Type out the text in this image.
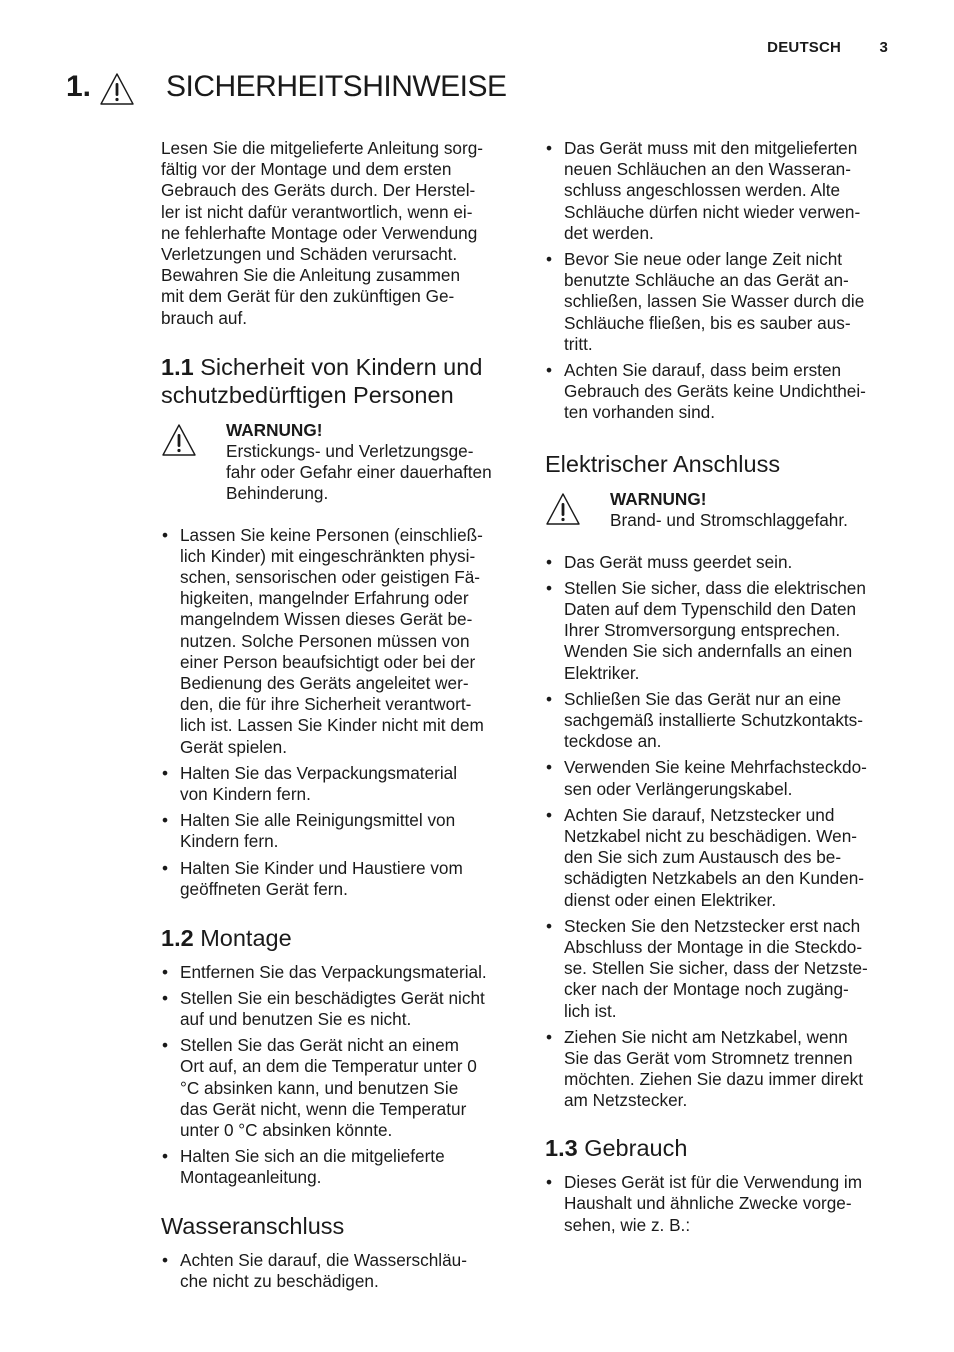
DEUTSCH	3
1. SICHERHEITSHINWEISE
Lesen Sie die mitgelieferte Anleitung sorg-
fältig vor der Montage und dem ersten
Gebrauch des Geräts durch. Der Herstel-
ler ist nicht dafür verantwortlich, wenn ei-
ne fehlerhafte Montage oder Verwendung
Verletzungen und Schäden verursacht.
Bewahren Sie die Anleitung zusammen
mit dem Gerät für den zukünftigen Ge-
brauch auf.
1.1 Sicherheit von Kindern und
schutzbedürftigen Personen
WARNUNG!
Erstickungs- und Verletzungsge-
fahr oder Gefahr einer dauerhaften
Behinderung.
• Lassen Sie keine Personen (einschließ-
lich Kinder) mit eingeschränkten physi-
schen, sensorischen oder geistigen Fä-
higkeiten, mangelnder Erfahrung oder
mangelndem Wissen dieses Gerät be-
nutzen. Solche Personen müssen von
einer Person beaufsichtigt oder bei der
Bedienung des Geräts angeleitet wer-
den, die für ihre Sicherheit verantwort-
lich ist. Lassen Sie Kinder nicht mit dem
Gerät spielen.
• Halten Sie das Verpackungsmaterial
von Kindern fern.
• Halten Sie alle Reinigungsmittel von
Kindern fern.
• Halten Sie Kinder und Haustiere vom
geöffneten Gerät fern.
1.2 Montage
• Entfernen Sie das Verpackungsmaterial.
• Stellen Sie ein beschädigtes Gerät nicht
auf und benutzen Sie es nicht.
• Stellen Sie das Gerät nicht an einem
Ort auf, an dem die Temperatur unter 0
°C absinken kann, und benutzen Sie
das Gerät nicht, wenn die Temperatur
unter 0 °C absinken könnte.
• Halten Sie sich an die mitgelieferte
Montageanleitung.
Wasseranschluss
• Achten Sie darauf, die Wasserschläu-
che nicht zu beschädigen.
• Das Gerät muss mit den mitgelieferten
neuen Schläuchen an den Wasseran-
schluss angeschlossen werden. Alte
Schläuche dürfen nicht wieder verwen-
det werden.
• Bevor Sie neue oder lange Zeit nicht
benutzte Schläuche an das Gerät an-
schließen, lassen Sie Wasser durch die
Schläuche fließen, bis es sauber aus-
tritt.
• Achten Sie darauf, dass beim ersten
Gebrauch des Geräts keine Undichthei-
ten vorhanden sind.
Elektrischer Anschluss
WARNUNG!
Brand- und Stromschlaggefahr.
• Das Gerät muss geerdet sein.
• Stellen Sie sicher, dass die elektrischen
Daten auf dem Typenschild den Daten
Ihrer Stromversorgung entsprechen.
Wenden Sie sich andernfalls an einen
Elektriker.
• Schließen Sie das Gerät nur an eine
sachgemäß installierte Schutzkontakts-
teckdose an.
• Verwenden Sie keine Mehrfachsteckdo-
sen oder Verlängerungskabel.
• Achten Sie darauf, Netzstecker und
Netzkabel nicht zu beschädigen. Wen-
den Sie sich zum Austausch des be-
schädigten Netzkabels an den Kunden-
dienst oder einen Elektriker.
• Stecken Sie den Netzstecker erst nach
Abschluss der Montage in die Steckdo-
se. Stellen Sie sicher, dass der Netzste-
cker nach der Montage noch zugäng-
lich ist.
• Ziehen Sie nicht am Netzkabel, wenn
Sie das Gerät vom Stromnetz trennen
möchten. Ziehen Sie dazu immer direkt
am Netzstecker.
1.3 Gebrauch
• Dieses Gerät ist für die Verwendung im
Haushalt und ähnliche Zwecke vorge-
sehen, wie z. B.:
